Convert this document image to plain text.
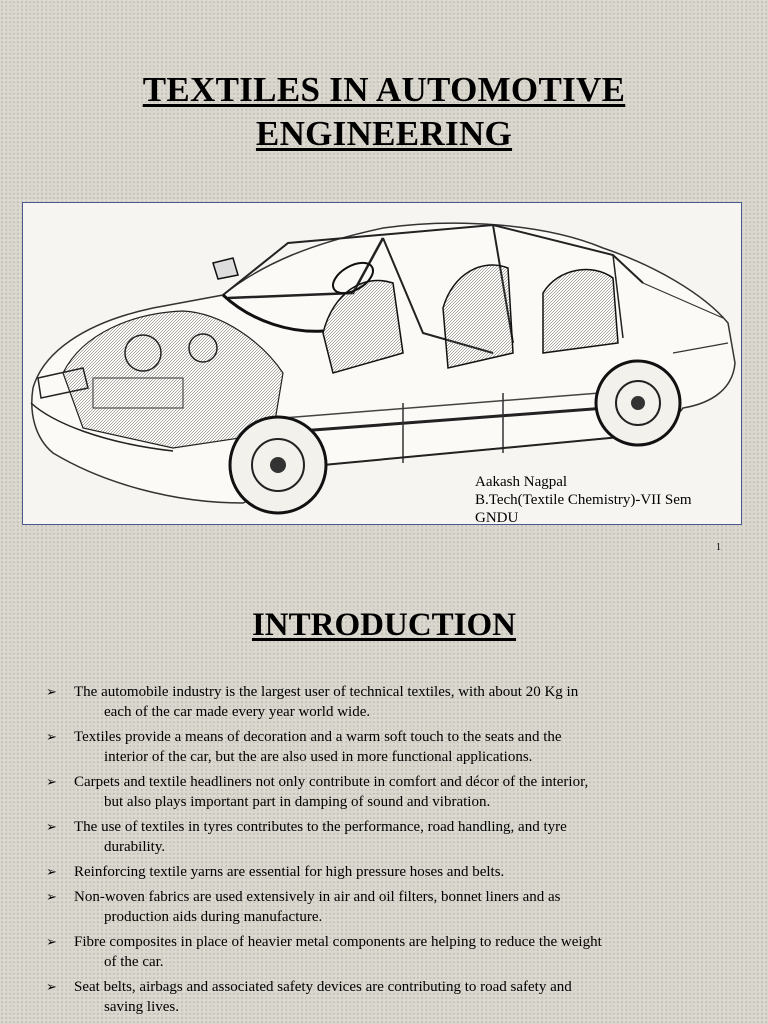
TEXTILES IN AUTOMOTIVE
ENGINEERING
Aakash Nagpal
B.Tech(Textile Chemistry)-VII Sem
GNDU
1
INTRODUCTION
➢ The automobile industry is the largest user of technical textiles, with about 20 Kg in
each of the car made every year world wide.
➢ Textiles provide a means of decoration and a warm soft touch to the seats and the
interior of the car, but the are also used in more functional applications.
➢ Carpets and textile headliners not only contribute in comfort and décor of the interior,
but also plays important part in damping of sound and vibration.
➢ The use of textiles in tyres contributes to the performance, road handling, and tyre
durability.
➢ Reinforcing textile yarns are essential for high pressure hoses and belts.
➢ Non-woven fabrics are used extensively in air and oil filters, bonnet liners and as
production aids during manufacture.
➢ Fibre composites in place of heavier metal components are helping to reduce the weight
of the car.
➢ Seat belts, airbags and associated safety devices are contributing to road safety and
saving lives.
